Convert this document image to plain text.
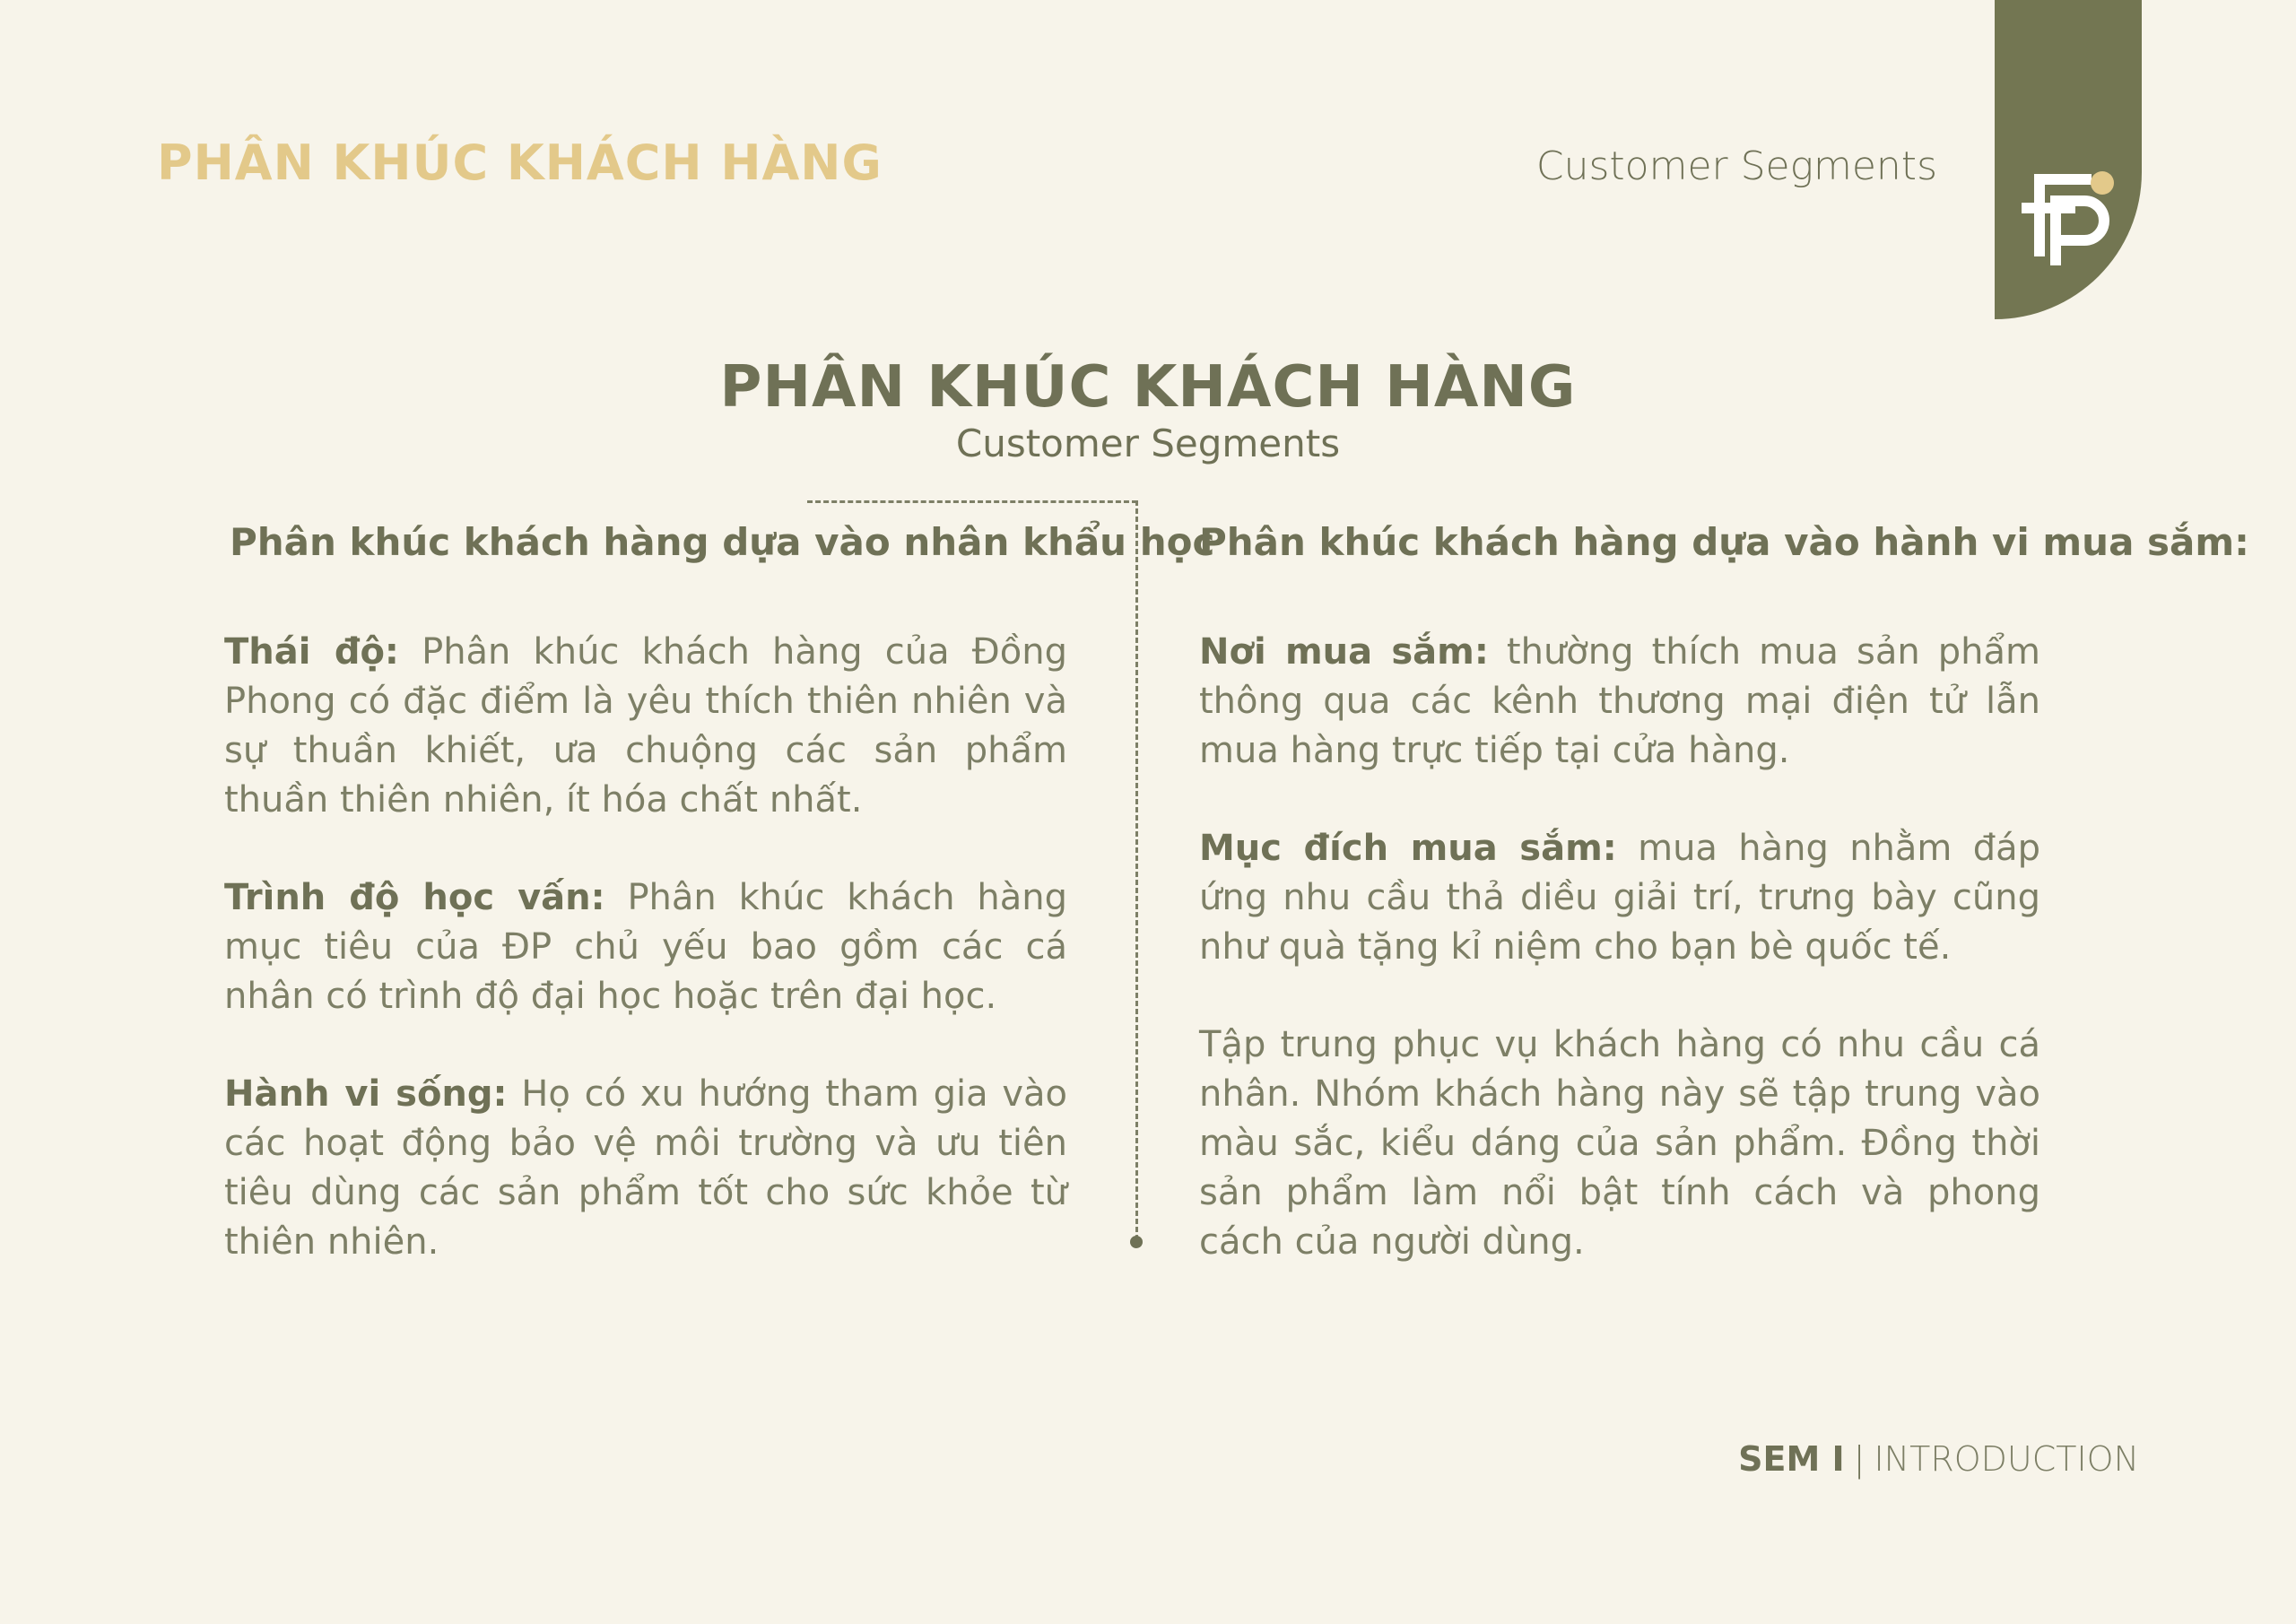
PHÂN KHÚC KHÁCH HÀNG	Customer Segments
PHÂN KHÚC KHÁCH HÀNG
Customer Segments
Phân khúc khách hàng dựa vào nhân khẩu học

Thái độ: Phân khúc khách hàng của Đồng Phong có đặc điểm là yêu thích thiên nhiên và sự thuần khiết, ưa chuộng các sản phẩm thuần thiên nhiên, ít hóa chất nhất.

Trình độ học vấn: Phân khúc khách hàng mục tiêu của ĐP chủ yếu bao gồm các cá nhân có trình độ đại học hoặc trên đại học.

Hành vi sống: Họ có xu hướng tham gia vào các hoạt động bảo vệ môi trường và ưu tiên tiêu dùng các sản phẩm tốt cho sức khỏe từ thiên nhiên.

Phân khúc khách hàng dựa vào hành vi mua sắm:

Nơi mua sắm: thường thích mua sản phẩm thông qua các kênh thương mại điện tử lẫn mua hàng trực tiếp tại cửa hàng.

Mục đích mua sắm: mua hàng nhằm đáp ứng nhu cầu thả diều giải trí, trưng bày cũng như quà tặng kỉ niệm cho bạn bè quốc tế.

Tập trung phục vụ khách hàng có nhu cầu cá nhân. Nhóm khách hàng này sẽ tập trung vào màu sắc, kiểu dáng của sản phẩm. Đồng thời sản phẩm làm nổi bật tính cách và phong cách của người dùng.

SEM I | INTRODUCTION
